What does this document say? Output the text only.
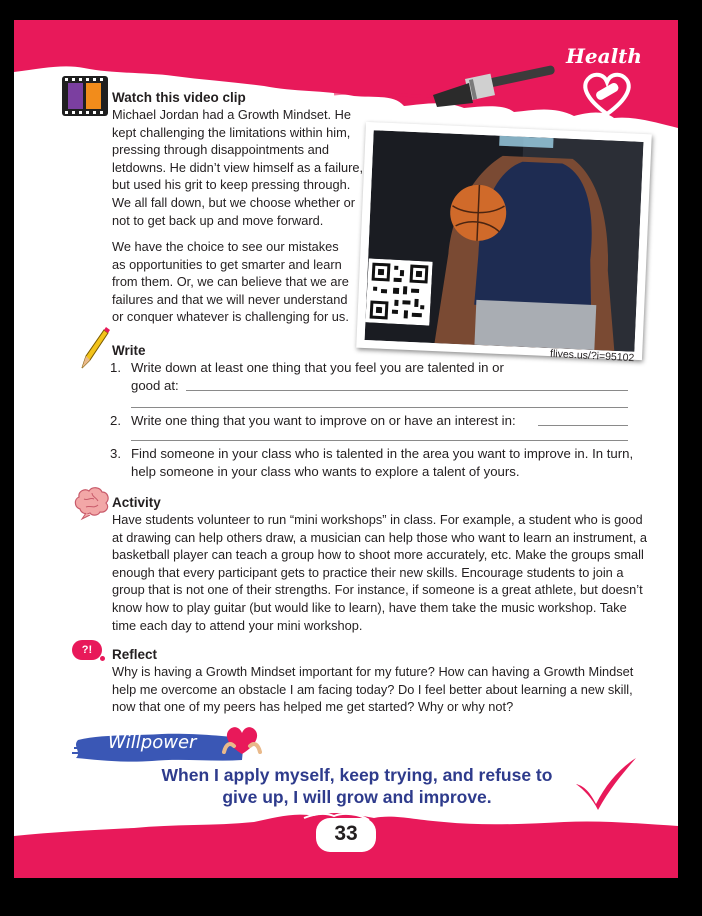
Health
Watch this video clip
Michael Jordan had a Growth Mindset. He
kept challenging the limitations within him,
pressing through disappointments and
letdowns. He didn’t view himself as a failure,
but used his grit to keep pressing through.
We all fall down, but we choose whether or
not to get back up and move forward.
We have the choice to see our mistakes
as opportunities to get smarter and learn
from them. Or, we can believe that we are
failures and that we will never understand
or conquer whatever is challenging for us.
flives.us/?i=95102
Write
1. Write down at least one thing that you feel you are talented in or
good at:
2. Write one thing that you want to improve on or have an interest in:
3. Find someone in your class who is talented in the area you want to improve in. In turn,
help someone in your class who wants to explore a talent of yours.
Activity
Have students volunteer to run “mini workshops” in class. For example, a student who is good
at drawing can help others draw, a musician can help those who want to learn an instrument, a
basketball player can teach a group how to shoot more accurately, etc. Make the groups small
enough that every participant gets to practice their new skills. Encourage students to join a
group that is not one of their strengths. For instance, if someone is a great athlete, but doesn’t
know how to play guitar (but would like to learn), have them take the music workshop. Take
time each day to attend your mini workshop.
?!	Reflect
Why is having a Growth Mindset important for my future? How can having a Growth Mindset
help me overcome an obstacle I am facing today? Do I feel better about learning a new skill,
now that one of my peers has helped me get started? Why or why not?
Willpower
When I apply myself, keep trying, and refuse to
give up, I will grow and improve.
33
